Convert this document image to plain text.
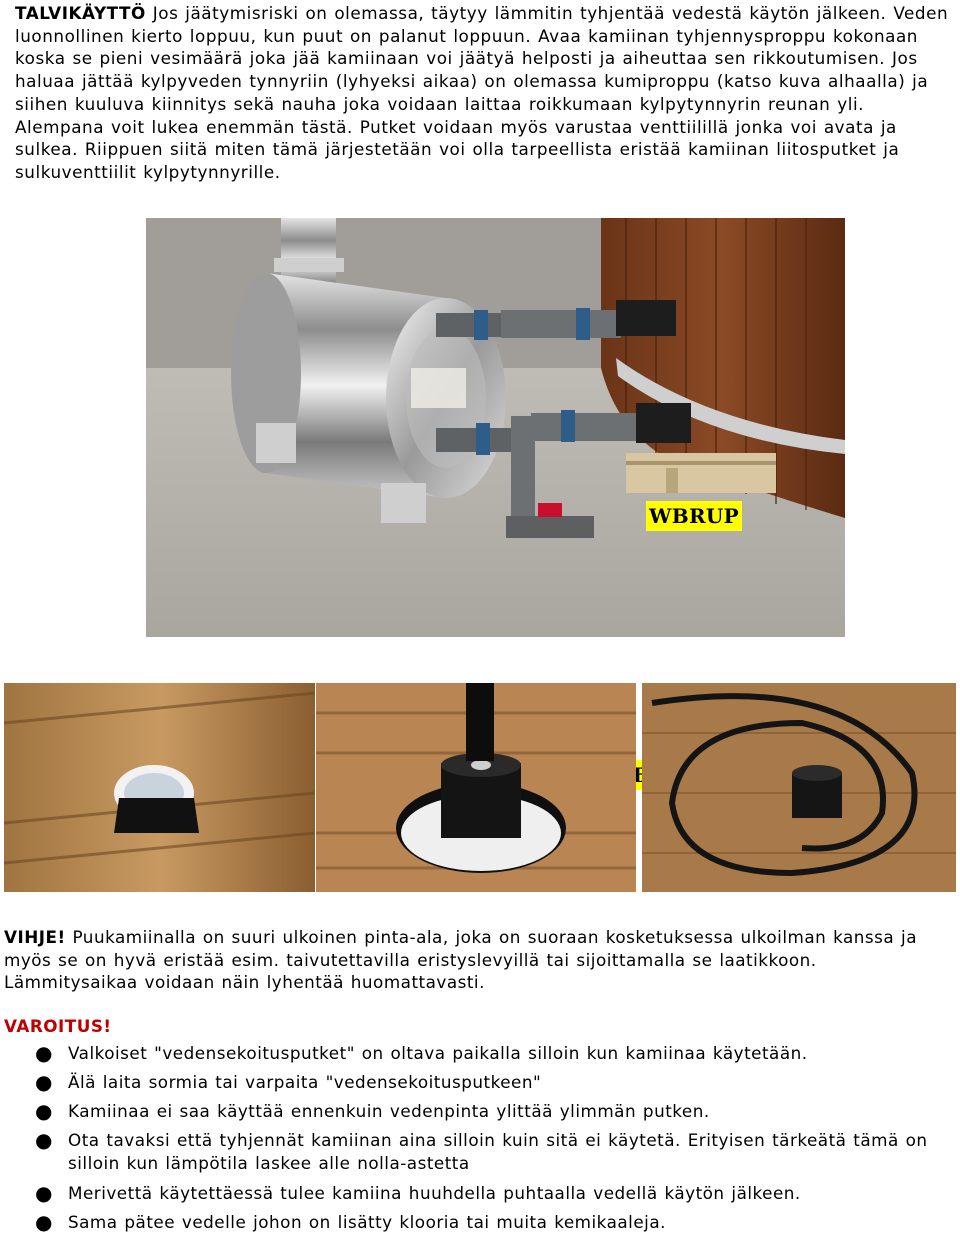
TALVIKÄYTTÖ Jos jäätymisriski on olemassa, täytyy lämmitin tyhjentää vedestä käytön jälkeen. Veden luonnollinen kierto loppuu, kun puut on palanut loppuun. Avaa kamiinan tyhjennysproppu kokonaan koska se pieni vesimäärä joka jää kamiinaan voi jäätyä helposti ja aiheuttaa sen rikkoutumisen. Jos haluaa jättää kylpyveden tynnyriin (lyhyeksi aikaa) on olemassa kumiproppu (katso kuva alhaalla) ja siihen kuuluva kiinnitys sekä nauha joka voidaan laittaa roikkumaan kylpytynnyrin reunan yli. Alempana voit lukea enemmän tästä. Putket voidaan myös varustaa venttiilillä jonka voi avata ja sulkea. Riippuen siitä miten tämä järjestetään voi olla tarpeellista eristää kamiinan liitosputket ja sulkuventtiilit kylpytynnyrille.
WBRUP
VIHJE! Puukamiinalla on suuri ulkoinen pinta-ala, joka on suoraan kosketuksessa ulkoilman kanssa ja myös se on hyvä eristää esim. taivutettavilla eristyslevyillä tai sijoittamalla se laatikkoon. Lämmitysaikaa voidaan näin lyhentää huomattavasti.
VAROITUS!
● Valkoiset "vedensekoitusputket" on oltava paikalla silloin kun kamiinaa käytetään.
● Älä laita sormia tai varpaita "vedensekoitusputkeen"
● Kamiinaa ei saa käyttää ennenkuin vedenpinta ylittää ylimmän putken.
● Ota tavaksi että tyhjennät kamiinan aina silloin kuin sitä ei käytetä. Erityisen tärkeätä tämä on silloin kun lämpötila laskee alle nolla-astetta
● Merivettä käytettäessä tulee kamiina huuhdella puhtaalla vedellä käytön jälkeen.
● Sama pätee vedelle johon on lisätty klooria tai muita kemikaaleja.
